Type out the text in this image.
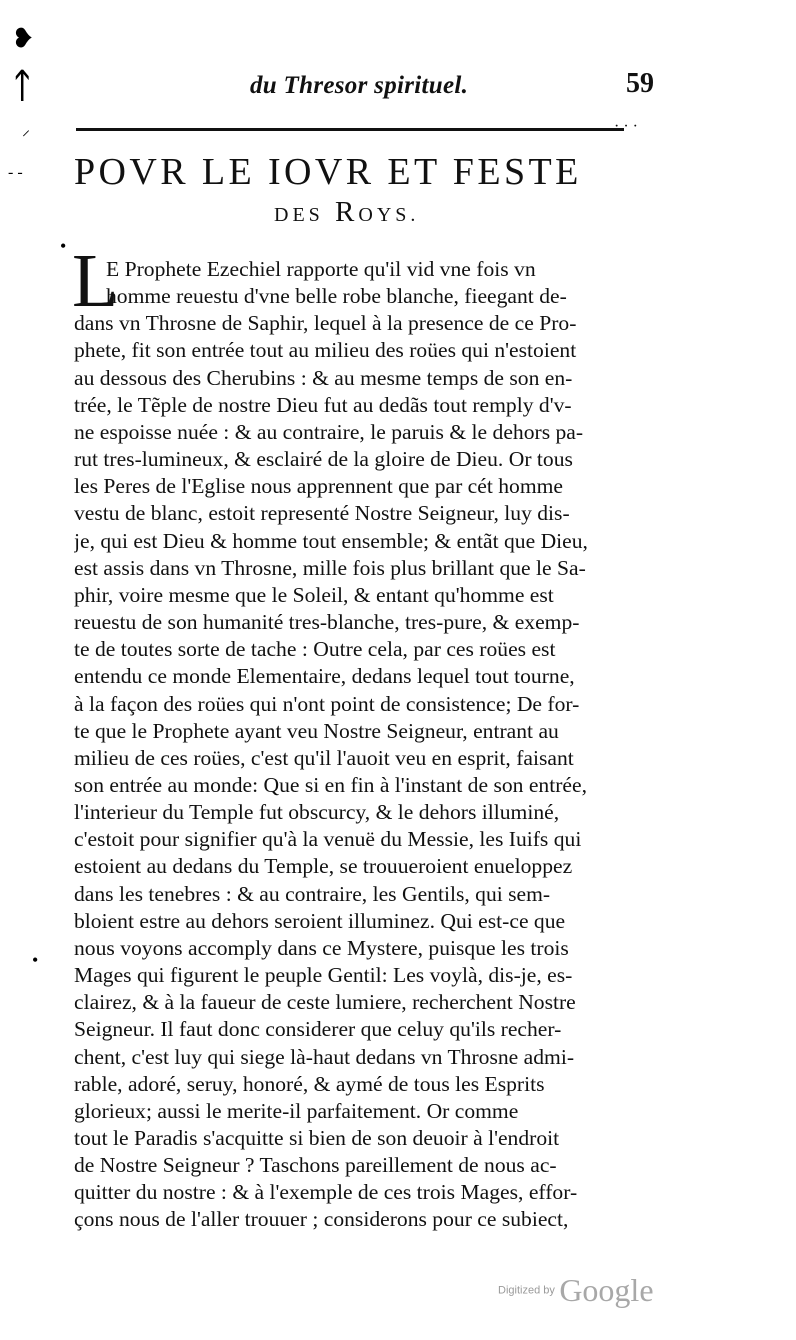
❥
ᛏ
⸝
- -
•
•
du Thresor spirituel.	59
· · ·
POVR LE IOVR ET FESTE
DES ROYS.
L
E Prophete Ezechiel rapporte qu'il vid vne fois vn
homme reuestu d'vne belle robe blanche, fieegant de-
dans vn Throsne de Saphir, lequel à la presence de ce Pro-
phete, fit son entrée tout au milieu des roües qui n'estoient
au dessous des Cherubins : & au mesme temps de son en-
trée, le Tẽple de nostre Dieu fut au dedãs tout remply d'v-
ne espoisse nuée : & au contraire, le paruis & le dehors pa-
rut tres-lumineux, & esclairé de la gloire de Dieu. Or tous
les Peres de l'Eglise nous apprennent que par cét homme
vestu de blanc, estoit representé Nostre Seigneur, luy dis-
je, qui est Dieu & homme tout ensemble; & entãt que Dieu,
est assis dans vn Throsne, mille fois plus brillant que le Sa-
phir, voire mesme que le Soleil, & entant qu'homme est
reuestu de son humanité tres-blanche, tres-pure, & exemp-
te de toutes sorte de tache : Outre cela, par ces roües est
entendu ce monde Elementaire, dedans lequel tout tourne,
à la façon des roües qui n'ont point de consistence; De for-
te que le Prophete ayant veu Nostre Seigneur, entrant au
milieu de ces roües, c'est qu'il l'auoit veu en esprit, faisant
son entrée au monde: Que si en fin à l'instant de son entrée,
l'interieur du Temple fut obscurcy, & le dehors illuminé,
c'estoit pour signifier qu'à la venuë du Messie, les Iuifs qui
estoient au dedans du Temple, se trouueroient enueloppez
dans les tenebres : & au contraire, les Gentils, qui sem-
bloient estre au dehors seroient illuminez. Qui est-ce que
nous voyons accomply dans ce Mystere, puisque les trois
Mages qui figurent le peuple Gentil: Les voylà, dis-je, es-
clairez, & à la faueur de ceste lumiere, recherchent Nostre
Seigneur. Il faut donc considerer que celuy qu'ils recher-
chent, c'est luy qui siege là-haut dedans vn Throsne admi-
rable, adoré, seruy, honoré, & aymé de tous les Esprits
glorieux; aussi le merite-il parfaitement. Or comme
tout le Paradis s'acquitte si bien de son deuoir à l'endroit
de Nostre Seigneur ? Taschons pareillement de nous ac-
quitter du nostre : & à l'exemple de ces trois Mages, effor-
çons nous de l'aller trouuer ; considerons pour ce subiect,
Digitized by Google
